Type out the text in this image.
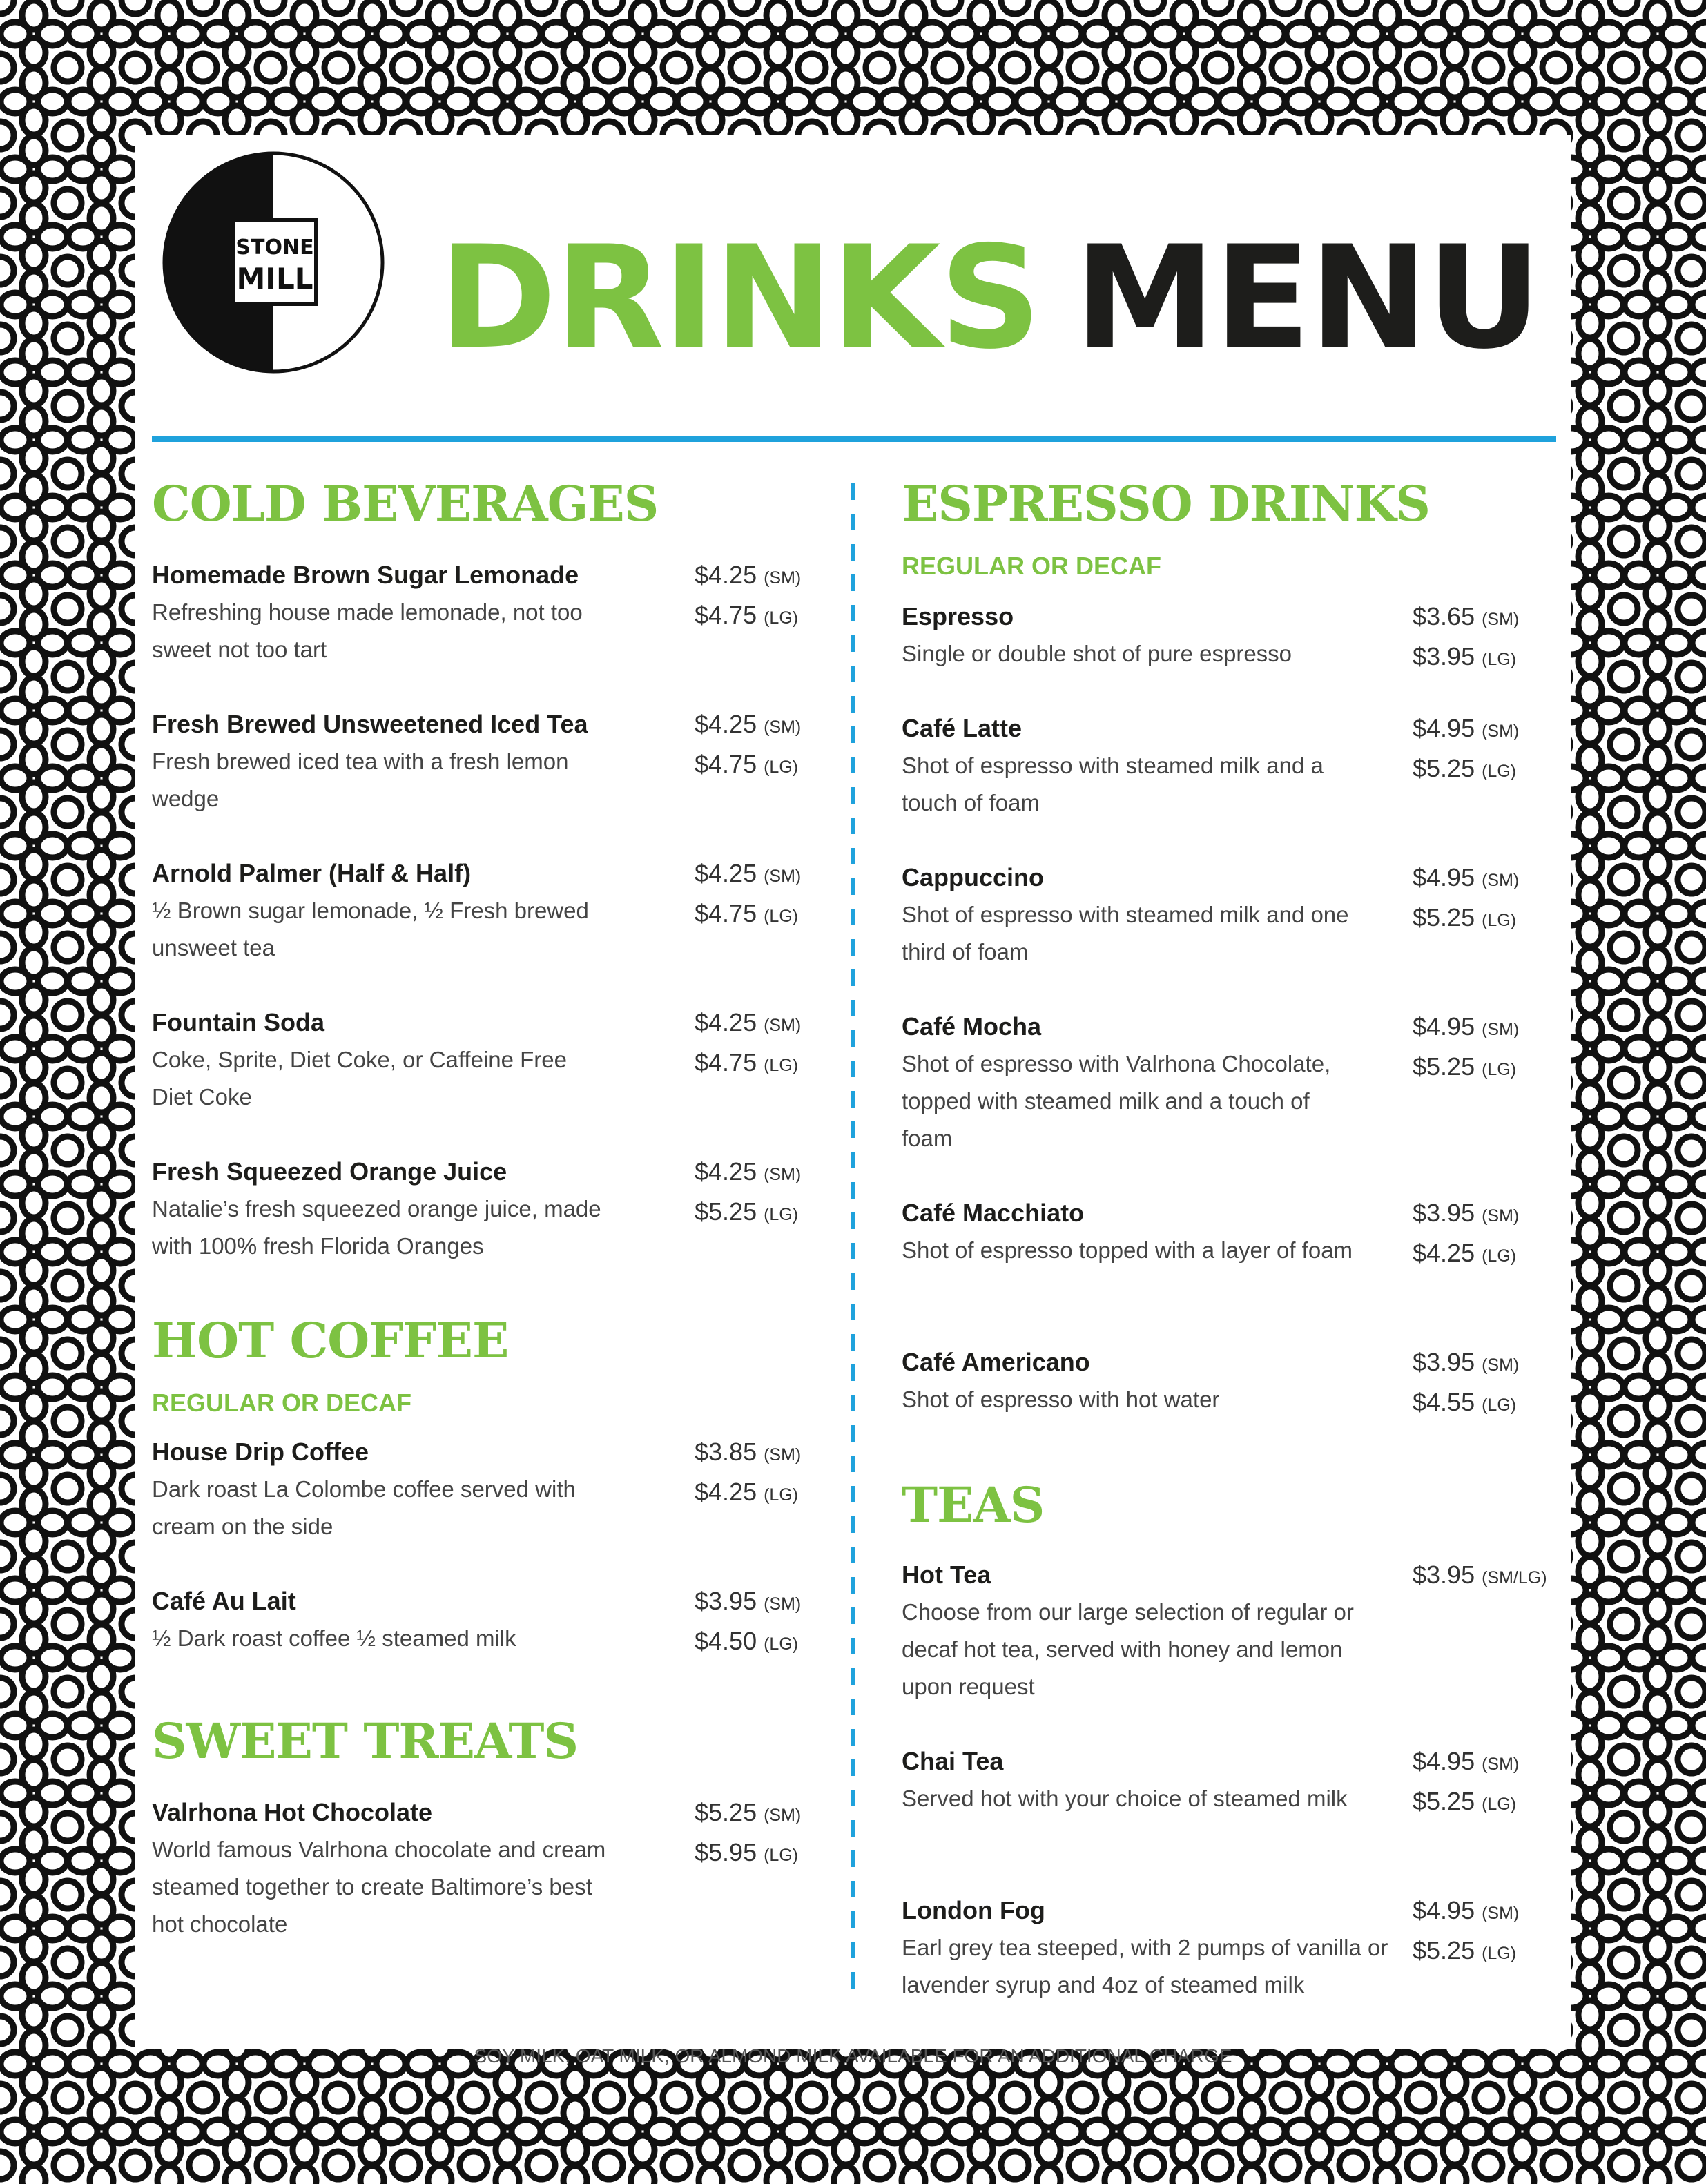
STONE
MILL DRINKS MENU
COLD BEVERAGES
Homemade Brown Sugar Lemonade
Refreshing house made lemonade, not too sweet not too tart
$4.25 (SM)
$4.75 (LG)
Fresh Brewed Unsweetened Iced Tea
Fresh brewed iced tea with a fresh lemon wedge
$4.25 (SM)
$4.75 (LG)
Arnold Palmer (Half & Half)
½ Brown sugar lemonade, ½ Fresh brewed unsweet tea
$4.25 (SM)
$4.75 (LG)
Fountain Soda
Coke, Sprite, Diet Coke, or Caffeine Free Diet Coke
$4.25 (SM)
$4.75 (LG)
Fresh Squeezed Orange Juice
Natalie’s fresh squeezed orange juice, made with 100% fresh Florida Oranges
$4.25 (SM)
$5.25 (LG)
HOT COFFEE
REGULAR OR DECAF
House Drip Coffee
Dark roast La Colombe coffee served with cream on the side
$3.85 (SM)
$4.25 (LG)
Café Au Lait
½ Dark roast coffee ½ steamed milk
$3.95 (SM)
$4.50 (LG)
SWEET TREATS
Valrhona Hot Chocolate
World famous Valrhona chocolate and cream steamed together to create Baltimore’s best hot chocolate
$5.25 (SM)
$5.95 (LG)
ESPRESSO DRINKS
REGULAR OR DECAF
Espresso
Single or double shot of pure espresso
$3.65 (SM)
$3.95 (LG)
Café Latte
Shot of espresso with steamed milk and a touch of foam
$4.95 (SM)
$5.25 (LG)
Cappuccino
Shot of espresso with steamed milk and one third of foam
$4.95 (SM)
$5.25 (LG)
Café Mocha
Shot of espresso with Valrhona Chocolate, topped with steamed milk and a touch of foam
$4.95 (SM)
$5.25 (LG)
Café Macchiato
Shot of espresso topped with a layer of foam
$3.95 (SM)
$4.25 (LG)
Café Americano
Shot of espresso with hot water
$3.95 (SM)
$4.55 (LG)
TEAS
Hot Tea
Choose from our large selection of regular or decaf hot tea, served with honey and lemon upon request
$3.95 (SM/LG)
Chai Tea
Served hot with your choice of steamed milk
$4.95 (SM)
$5.25 (LG)
London Fog
Earl grey tea steeped, with 2 pumps of vanilla or lavender syrup and 4oz of steamed milk
$4.95 (SM)
$5.25 (LG)
SOY MILK, OAT MILK, OR ALMOND MILK AVAILABLE FOR AN ADDITIONAL CHARGE
